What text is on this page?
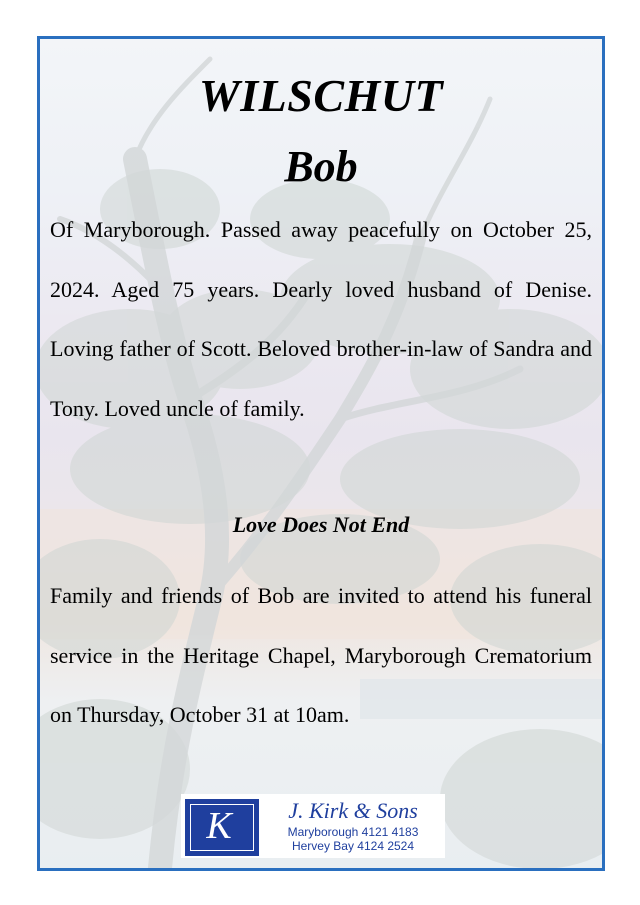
WILSCHUT
Bob
Of Maryborough. Passed away peacefully on October 25, 2024. Aged 75 years. Dearly loved husband of Denise. Loving father of Scott. Beloved brother-in-law of Sandra and Tony. Loved uncle of family.
Love Does Not End
Family and friends of Bob are invited to attend his funeral service in the Heritage Chapel, Maryborough Crematorium on Thursday, October 31 at 10am.
K	J. Kirk & Sons
Maryborough 4121 4183
Hervey Bay 4124 2524
